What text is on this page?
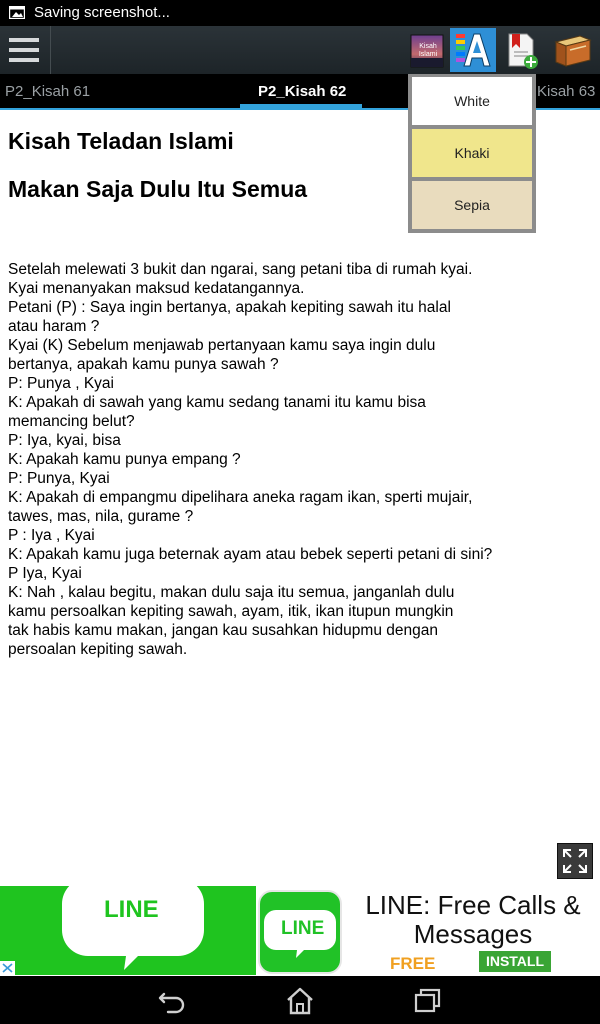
Saving screenshot...
Kisah Islami
P2_Kisah 61	P2_Kisah 62	Kisah 63
Kisah Teladan Islami
Makan Saja Dulu Itu Semua
Setelah melewati 3 bukit dan ngarai, sang petani tiba di rumah kyai.
Kyai menanyakan maksud kedatangannya.
Petani (P) : Saya ingin bertanya, apakah kepiting sawah itu halal
atau haram ?
Kyai (K) Sebelum menjawab pertanyaan kamu saya ingin dulu
bertanya, apakah kamu punya sawah ?
P: Punya , Kyai
K: Apakah di sawah yang kamu sedang tanami itu kamu bisa
memancing belut?
P: Iya, kyai, bisa
K: Apakah kamu punya empang ?
P: Punya, Kyai
K: Apakah di empangmu dipelihara aneka ragam ikan, sperti mujair,
tawes, mas, nila, gurame ?
P : Iya , Kyai
K: Apakah kamu juga beternak ayam atau bebek seperti petani di sini?
P Iya, Kyai
K: Nah , kalau begitu, makan dulu saja itu semua, janganlah dulu
kamu persoalkan kepiting sawah, ayam, itik, ikan itupun mungkin
tak habis kamu makan, jangan kau susahkan hidupmu dengan
persoalan kepiting sawah.
White
Khaki
Sepia
LINE
LINE
LINE: Free Calls &
Messages
FREE	INSTALL
